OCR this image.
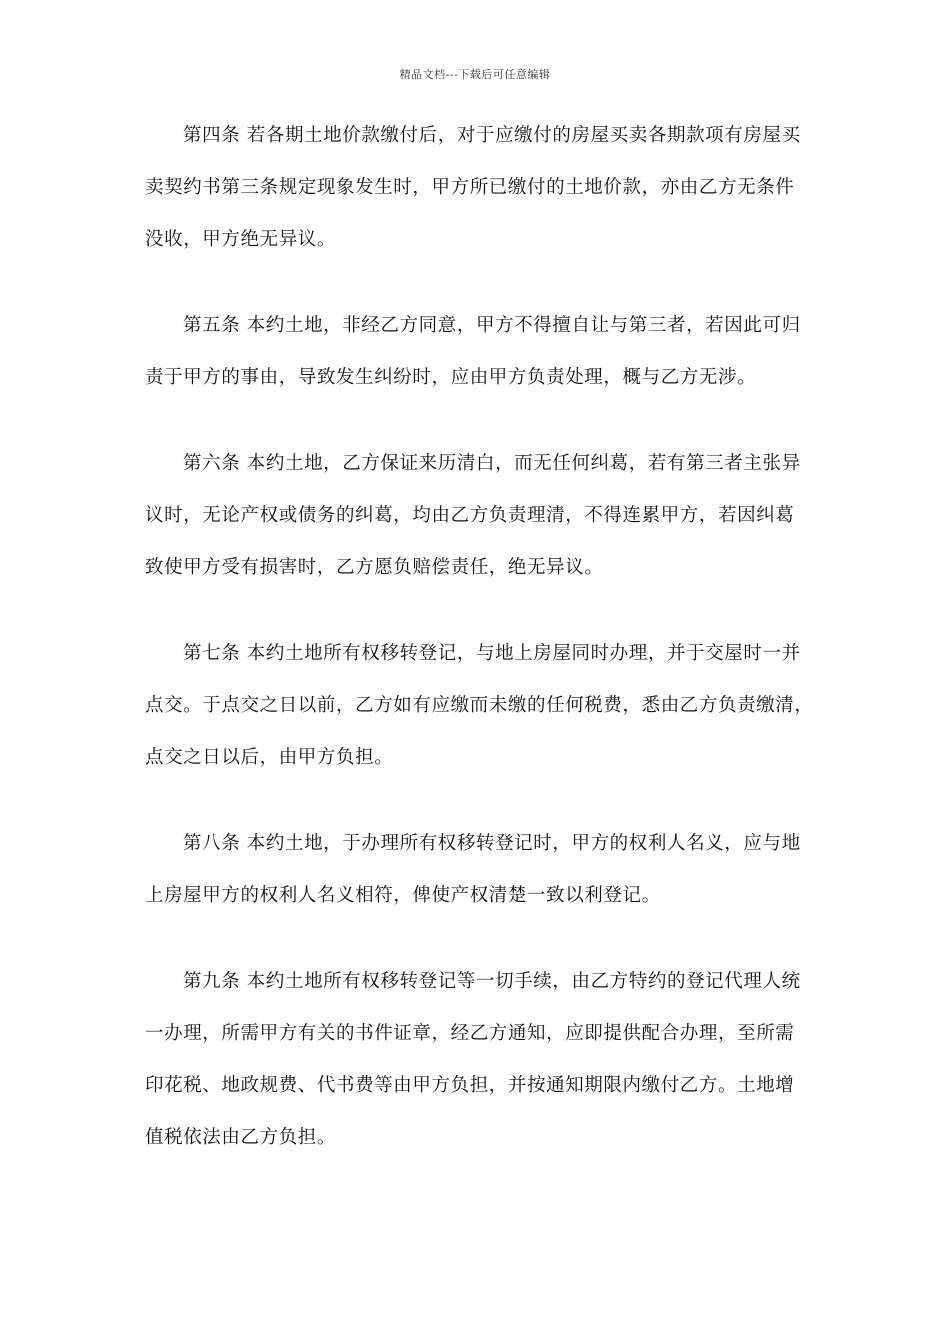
精品文档---下载后可任意编辑
第四条 若各期土地价款缴付后，对于应缴付的房屋买卖各期款项有房屋买
卖契约书第三条规定现象发生时，甲方所已缴付的土地价款，亦由乙方无条件
没收，甲方绝无异议。
第五条 本约土地，非经乙方同意，甲方不得擅自让与第三者，若因此可归
责于甲方的事由，导致发生纠纷时，应由甲方负责处理，概与乙方无涉。
第六条 本约土地，乙方保证来历清白，而无任何纠葛，若有第三者主张异
议时，无论产权或债务的纠葛，均由乙方负责理清，不得连累甲方，若因纠葛
致使甲方受有损害时，乙方愿负赔偿责任，绝无异议。
第七条 本约土地所有权移转登记，与地上房屋同时办理，并于交屋时一并
点交。于点交之日以前，乙方如有应缴而未缴的任何税费，悉由乙方负责缴清，
点交之日以后，由甲方负担。
第八条 本约土地，于办理所有权移转登记时，甲方的权利人名义，应与地
上房屋甲方的权利人名义相符，俾使产权清楚一致以利登记。
第九条 本约土地所有权移转登记等一切手续，由乙方特约的登记代理人统
一办理，所需甲方有关的书件证章，经乙方通知，应即提供配合办理，至所需
印花税、地政规费、代书费等由甲方负担，并按通知期限内缴付乙方。土地增
值税依法由乙方负担。
